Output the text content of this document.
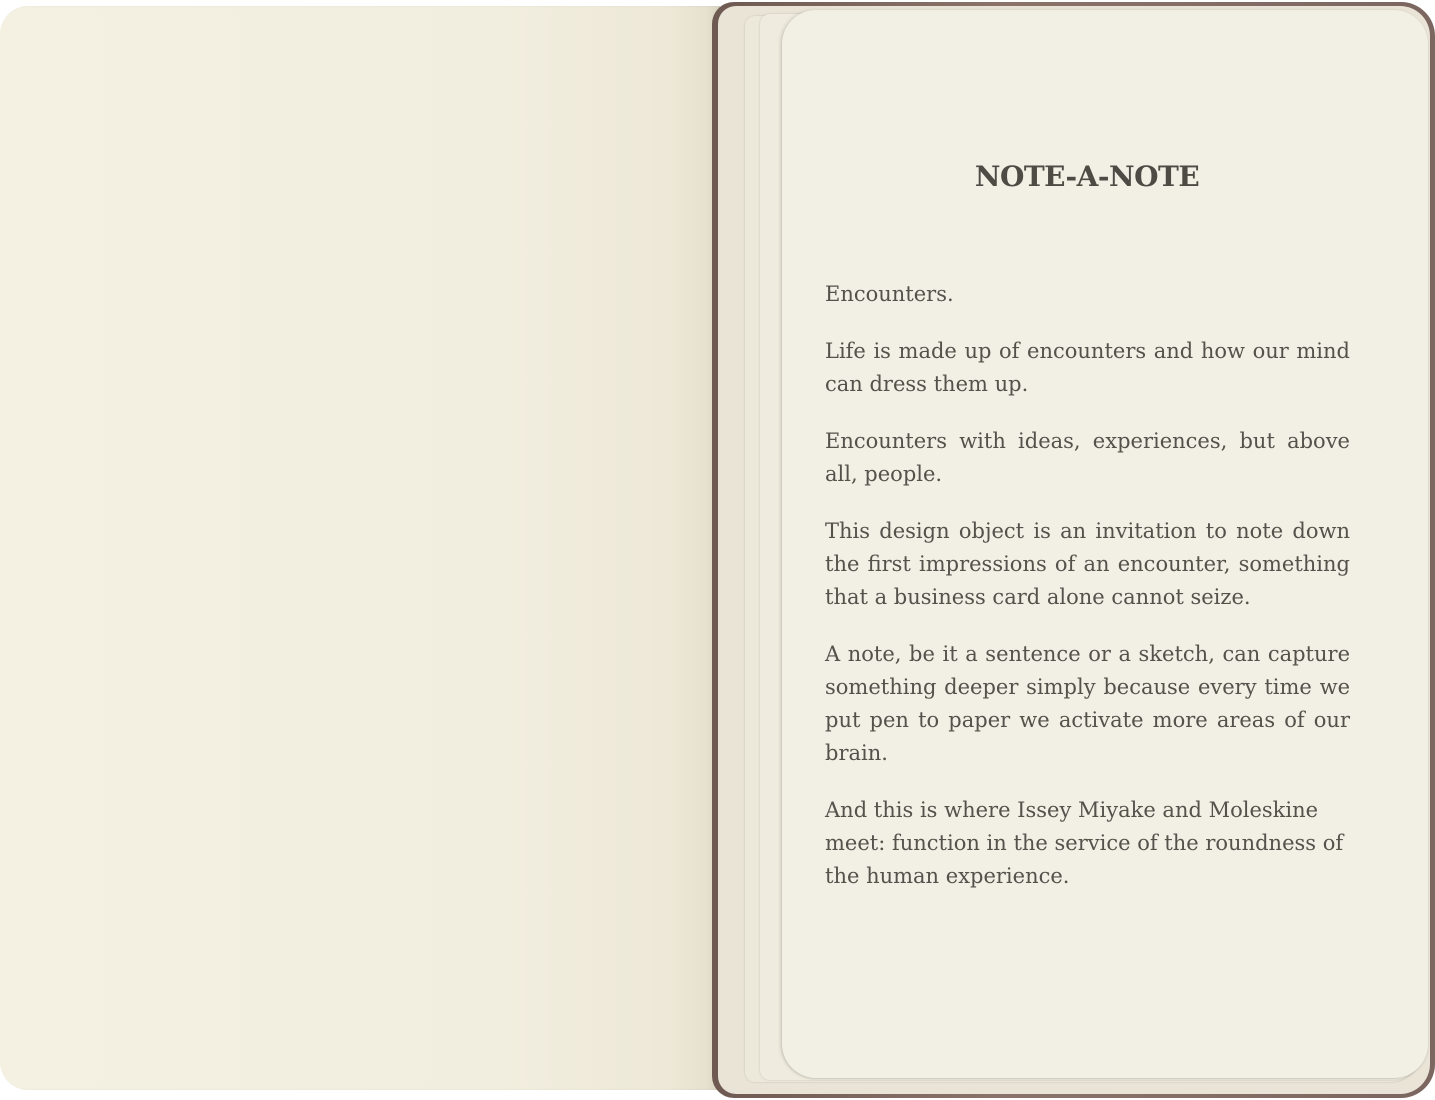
NOTE-A-NOTE

Encounters.

Life is made up of encounters and how our mind can dress them up.

Encounters with ideas, experiences, but above all, people.

This design object is an invitation to note down the first impressions of an encounter, something that a business card alone cannot seize.

A note, be it a sentence or a sketch, can capture something deeper simply because every time we put pen to paper we activate more areas of our brain.

And this is where Issey Miyake and Moleskine meet: function in the service of the roundness of the human experience.
